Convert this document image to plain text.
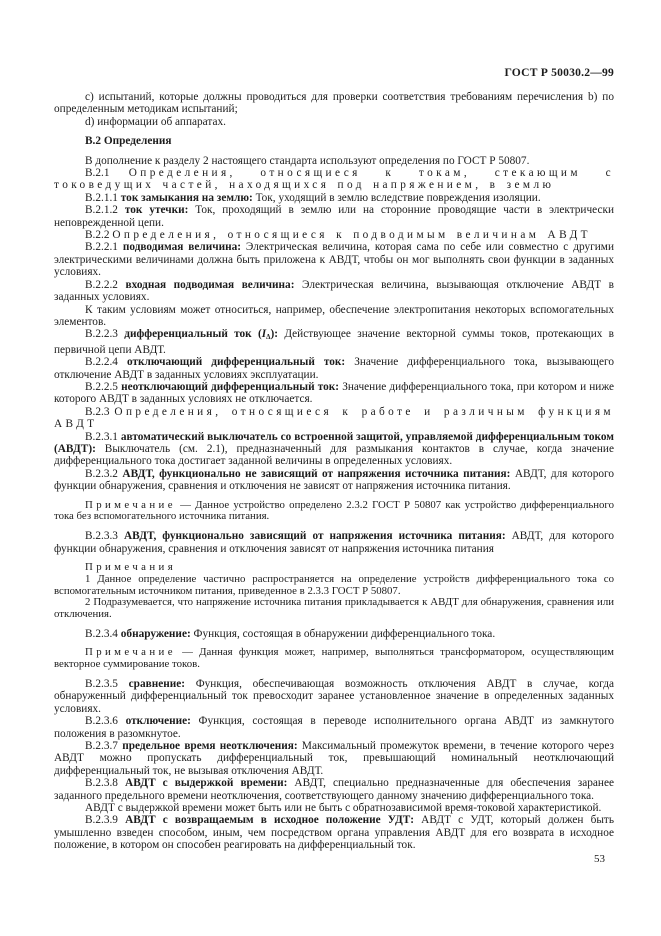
ГОСТ Р 50030.2—99

c) испытаний, которые должны проводиться для проверки соответствия требованиям перечисления b) по определенным методикам испытаний;

d) информации об аппаратах.

В.2 Определения

В дополнение к разделу 2 настоящего стандарта используют определения по ГОСТ Р 50807.

В.2.1 Определения, относящиеся к токам, стекающим с токоведущих частей, находящихся под напряжением, в землю

В.2.1.1 ток замыкания на землю: Ток, уходящий в землю вследствие повреждения изоляции.

В.2.1.2 ток утечки: Ток, проходящий в землю или на сторонние проводящие части в электрически неповрежденной цепи.

В.2.2 Определения, относящиеся к подводимым величинам АВДТ

В.2.2.1 подводимая величина: Электрическая величина, которая сама по себе или совместно с другими электрическими величинами должна быть приложена к АВДТ, чтобы он мог выполнять свои функции в заданных условиях.

В.2.2.2 входная подводимая величина: Электрическая величина, вызывающая отключение АВДТ в заданных условиях.

К таким условиям может относиться, например, обеспечение электропитания некоторых вспомогательных элементов.

В.2.2.3 дифференциальный ток (IΔ): Действующее значение векторной суммы токов, протекающих в первичной цепи АВДТ.

В.2.2.4 отключающий дифференциальный ток: Значение дифференциального тока, вызывающего отключение АВДТ в заданных условиях эксплуатации.

В.2.2.5 неотключающий дифференциальный ток: Значение дифференциального тока, при котором и ниже которого АВДТ в заданных условиях не отключается.

В.2.3 Определения, относящиеся к работе и различным функциям АВДТ

В.2.3.1 автоматический выключатель со встроенной защитой, управляемой дифференциальным током (АВДТ): Выключатель (см. 2.1), предназначенный для размыкания контактов в случае, когда значение дифференциального тока достигает заданной величины в определенных условиях.

В.2.3.2 АВДТ, функционально не зависящий от напряжения источника питания: АВДТ, для которого функции обнаружения, сравнения и отключения не зависят от напряжения источника питания.

Примечание — Данное устройство определено 2.3.2 ГОСТ Р 50807 как устройство дифференциального тока без вспомогательного источника питания.

В.2.3.3 АВДТ, функционально зависящий от напряжения источника питания: АВДТ, для которого функции обнаружения, сравнения и отключения зависят от напряжения источника питания

Примечания

1 Данное определение частично распространяется на определение устройств дифференциального тока со вспомогательным источником питания, приведенное в 2.3.3 ГОСТ Р 50807.

2 Подразумевается, что напряжение источника питания прикладывается к АВДТ для обнаружения, сравнения или отключения.

В.2.3.4 обнаружение: Функция, состоящая в обнаружении дифференциального тока.

Примечание — Данная функция может, например, выполняться трансформатором, осуществляющим векторное суммирование токов.

В.2.3.5 сравнение: Функция, обеспечивающая возможность отключения АВДТ в случае, когда обнаруженный дифференциальный ток превосходит заранее установленное значение в определенных заданных условиях.

В.2.3.6 отключение: Функция, состоящая в переводе исполнительного органа АВДТ из замкнутого положения в разомкнутое.

В.2.3.7 предельное время неотключения: Максимальный промежуток времени, в течение которого через АВДТ можно пропускать дифференциальный ток, превышающий номинальный неотключающий дифференциальный ток, не вызывая отключения АВДТ.

В.2.3.8 АВДТ с выдержкой времени: АВДТ, специально предназначенные для обеспечения заранее заданного предельного времени неотключения, соответствующего данному значению дифференциального тока.

АВДТ с выдержкой времени может быть или не быть с обратнозависимой время-токовой характеристикой.

В.2.3.9 АВДТ с возвращаемым в исходное положение УДТ: АВДТ с УДТ, который должен быть умышленно взведен способом, иным, чем посредством органа управления АВДТ для его возврата в исходное положение, в котором он способен реагировать на дифференциальный ток.

53
